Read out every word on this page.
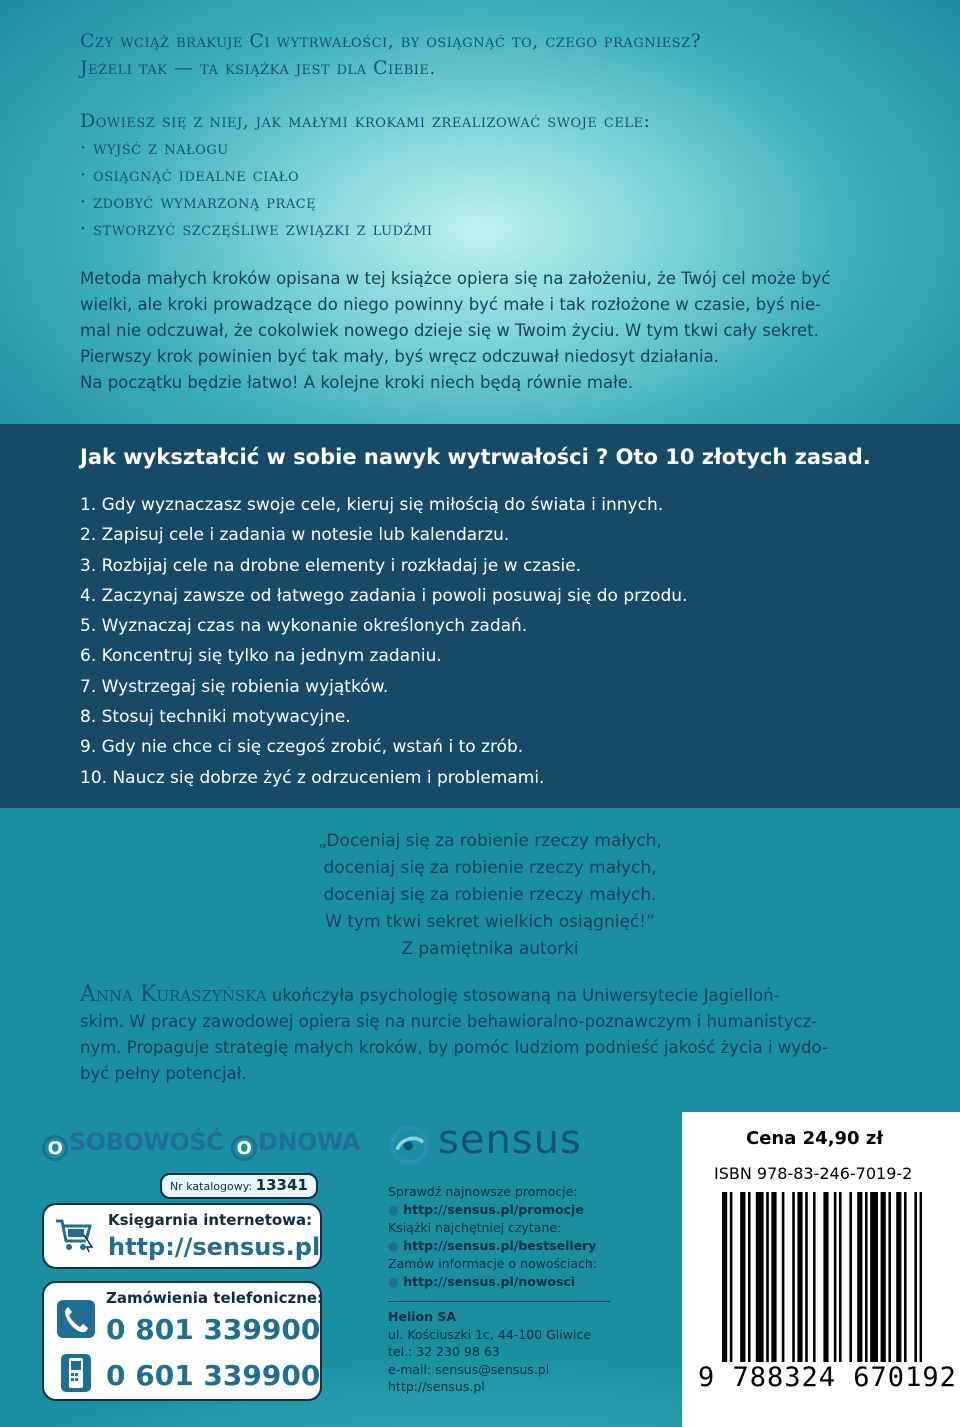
Czy wciąż brakuje Ci wytrwałości, by osiągnąć to, czego pragniesz?
Jeżeli tak — ta książka jest dla Ciebie.
Dowiesz się z niej, jak małymi krokami zrealizować swoje cele:
· wyjść z nałogu
· osiągnąć idealne ciało
· zdobyć wymarzoną pracę
· stworzyć szczęśliwe związki z ludźmi
Metoda małych kroków opisana w tej książce opiera się na założeniu, że Twój cel może być
wielki, ale kroki prowadzące do niego powinny być małe i tak rozłożone w czasie, byś nie-
mal nie odczuwał, że cokolwiek nowego dzieje się w Twoim życiu. W tym tkwi cały sekret.
Pierwszy krok powinien być tak mały, byś wręcz odczuwał niedosyt działania.
Na początku będzie łatwo! A kolejne kroki niech będą równie małe.
Jak wykształcić w sobie nawyk wytrwałości ? Oto 10 złotych zasad.
1. Gdy wyznaczasz swoje cele, kieruj się miłością do świata i innych.
2. Zapisuj cele i zadania w notesie lub kalendarzu.
3. Rozbijaj cele na drobne elementy i rozkładaj je w czasie.
4. Zaczynaj zawsze od łatwego zadania i powoli posuwaj się do przodu.
5. Wyznaczaj czas na wykonanie określonych zadań.
6. Koncentruj się tylko na jednym zadaniu.
7. Wystrzegaj się robienia wyjątków.
8. Stosuj techniki motywacyjne.
9. Gdy nie chce ci się czegoś zrobić, wstań i to zrób.
10. Naucz się dobrze żyć z odrzuceniem i problemami.
„Doceniaj się za robienie rzeczy małych,
doceniaj się za robienie rzeczy małych,
doceniaj się za robienie rzeczy małych.
W tym tkwi sekret wielkich osiągnięć!”
Z pamiętnika autorki
Anna Kuraszyńska ukończyła psychologię stosowaną na Uniwersytecie Jagielloń-
skim. W pracy zawodowej opiera się na nurcie behawioralno-poznawczym i humanistycz-
nym. Propaguje strategię małych kroków, by pomóc ludziom podnieść jakość życia i wydo-
być pełny potencjał.
O SOBOWOŚĆ O DNOWA
Nr katalogowy: 13341
Księgarnia internetowa:
http://sensus.pl
Zamówienia telefoniczne:
0 801 339900
0 601 339900
sensus
Sprawdź najnowsze promocje:
● http://sensus.pl/promocje
Książki najchętniej czytane:
● http://sensus.pl/bestsellery
Zamów informacje o nowościach:
● http://sensus.pl/nowosci
Helion SA
ul. Kościuszki 1c, 44-100 Gliwice
tel.: 32 230 98 63
e-mail: sensus@sensus.pl
http://sensus.pl
Cena 24,90 zł
ISBN 978-83-246-7019-2
9 788324 670192
